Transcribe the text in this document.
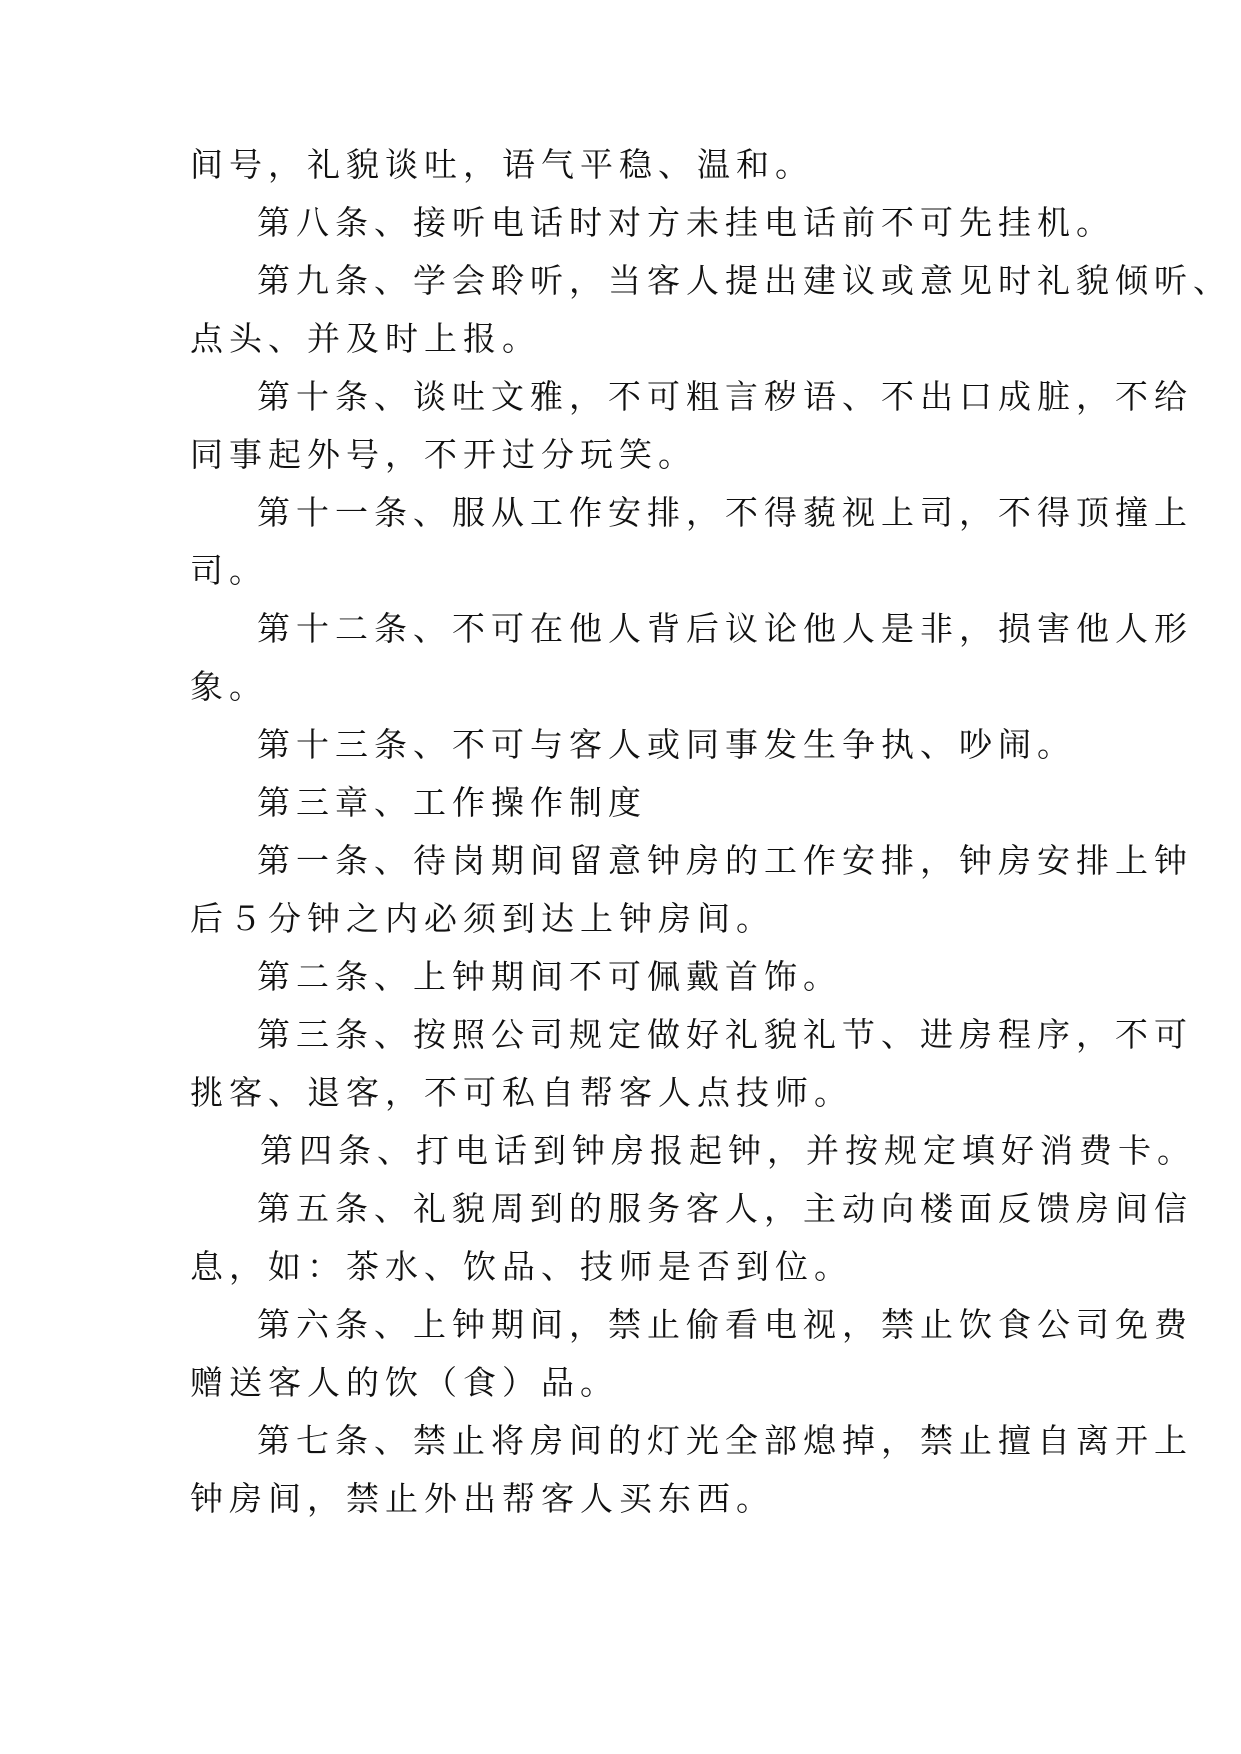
间号，礼貌谈吐，语气平稳、温和。
第八条、接听电话时对方未挂电话前不可先挂机。
第九条、学会聆听，当客人提出建议或意见时礼貌倾听、
点头、并及时上报。
第十条、谈吐文雅，不可粗言秽语、不出口成脏，不给
同事起外号，不开过分玩笑。
第十一条、服从工作安排，不得藐视上司，不得顶撞上
司。
第十二条、不可在他人背后议论他人是非，损害他人形
象。
第十三条、不可与客人或同事发生争执、吵闹。
第三章、工作操作制度
第一条、待岗期间留意钟房的工作安排，钟房安排上钟
后５分钟之内必须到达上钟房间。
第二条、上钟期间不可佩戴首饰。
第三条、按照公司规定做好礼貌礼节、进房程序，不可
挑客、退客，不可私自帮客人点技师。
第四条、打电话到钟房报起钟，并按规定填好消费卡。
第五条、礼貌周到的服务客人，主动向楼面反馈房间信
息，如：茶水、饮品、技师是否到位。
第六条、上钟期间，禁止偷看电视，禁止饮食公司免费
赠送客人的饮（食）品。
第七条、禁止将房间的灯光全部熄掉，禁止擅自离开上
钟房间，禁止外出帮客人买东西。
